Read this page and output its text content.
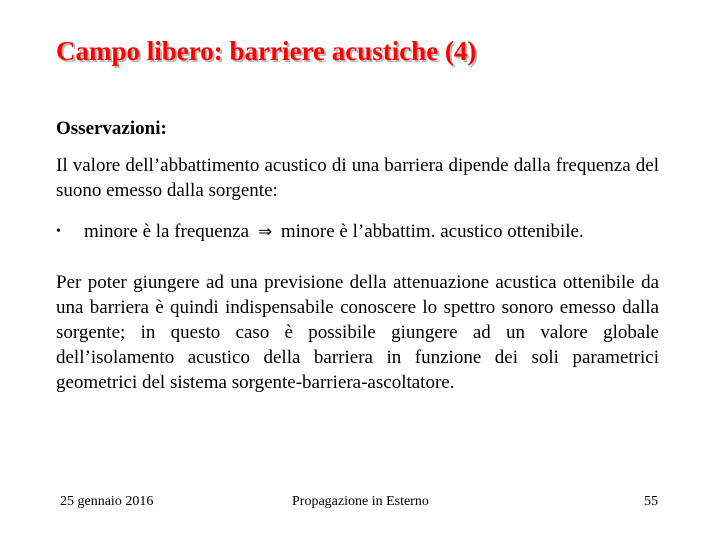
Campo libero: barriere acustiche (4)
Osservazioni:
Il valore dell’abbattimento acustico di una barriera dipende dalla frequenza del suono emesso dalla sorgente:
• minore è la frequenza ⇒ minore è l’abbattim. acustico ottenibile.
Per poter giungere ad una previsione della attenuazione acustica ottenibile da una barriera è quindi indispensabile conoscere lo spettro sonoro emesso dalla sorgente; in questo caso è possibile giungere ad un valore globale dell’isolamento acustico della barriera in funzione dei soli parametrici geometrici del sistema sorgente-barriera-ascoltatore.
25 gennaio 2016	Propagazione in Esterno	55
